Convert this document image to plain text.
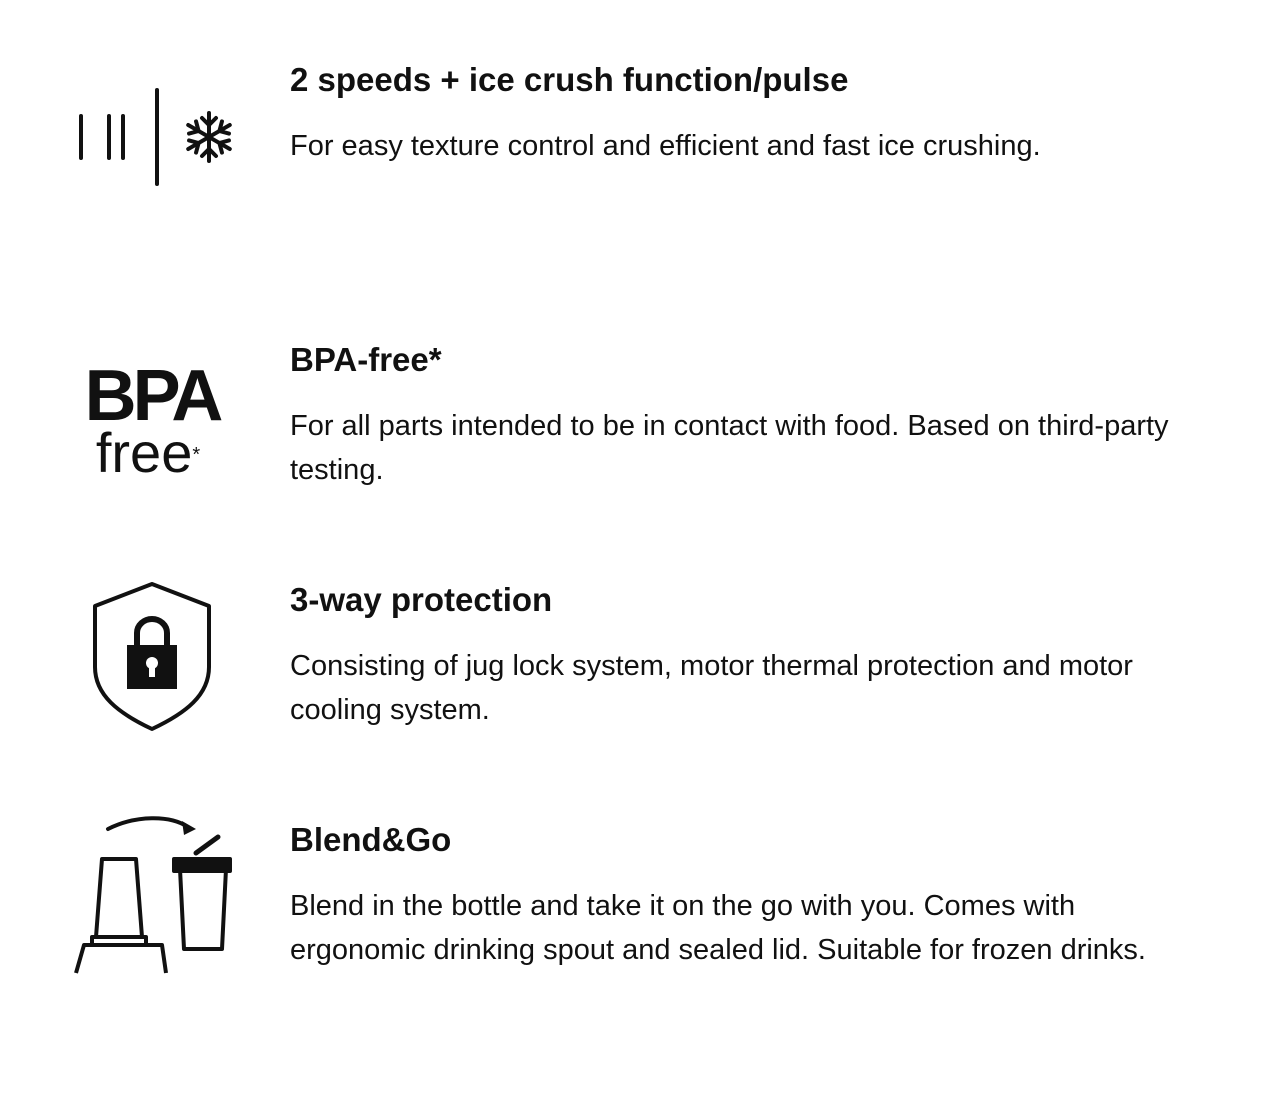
2 speeds + ice crush function/pulse

For easy texture control and efficient and fast ice crushing.

BPA
free*
BPA-free*

For all parts intended to be in contact with food. Based on third-party testing.

3-way protection

Consisting of jug lock system, motor thermal protection and motor cooling system.

Blend&Go

Blend in the bottle and take it on the go with you. Comes with ergonomic drinking spout and sealed lid. Suitable for frozen drinks.
